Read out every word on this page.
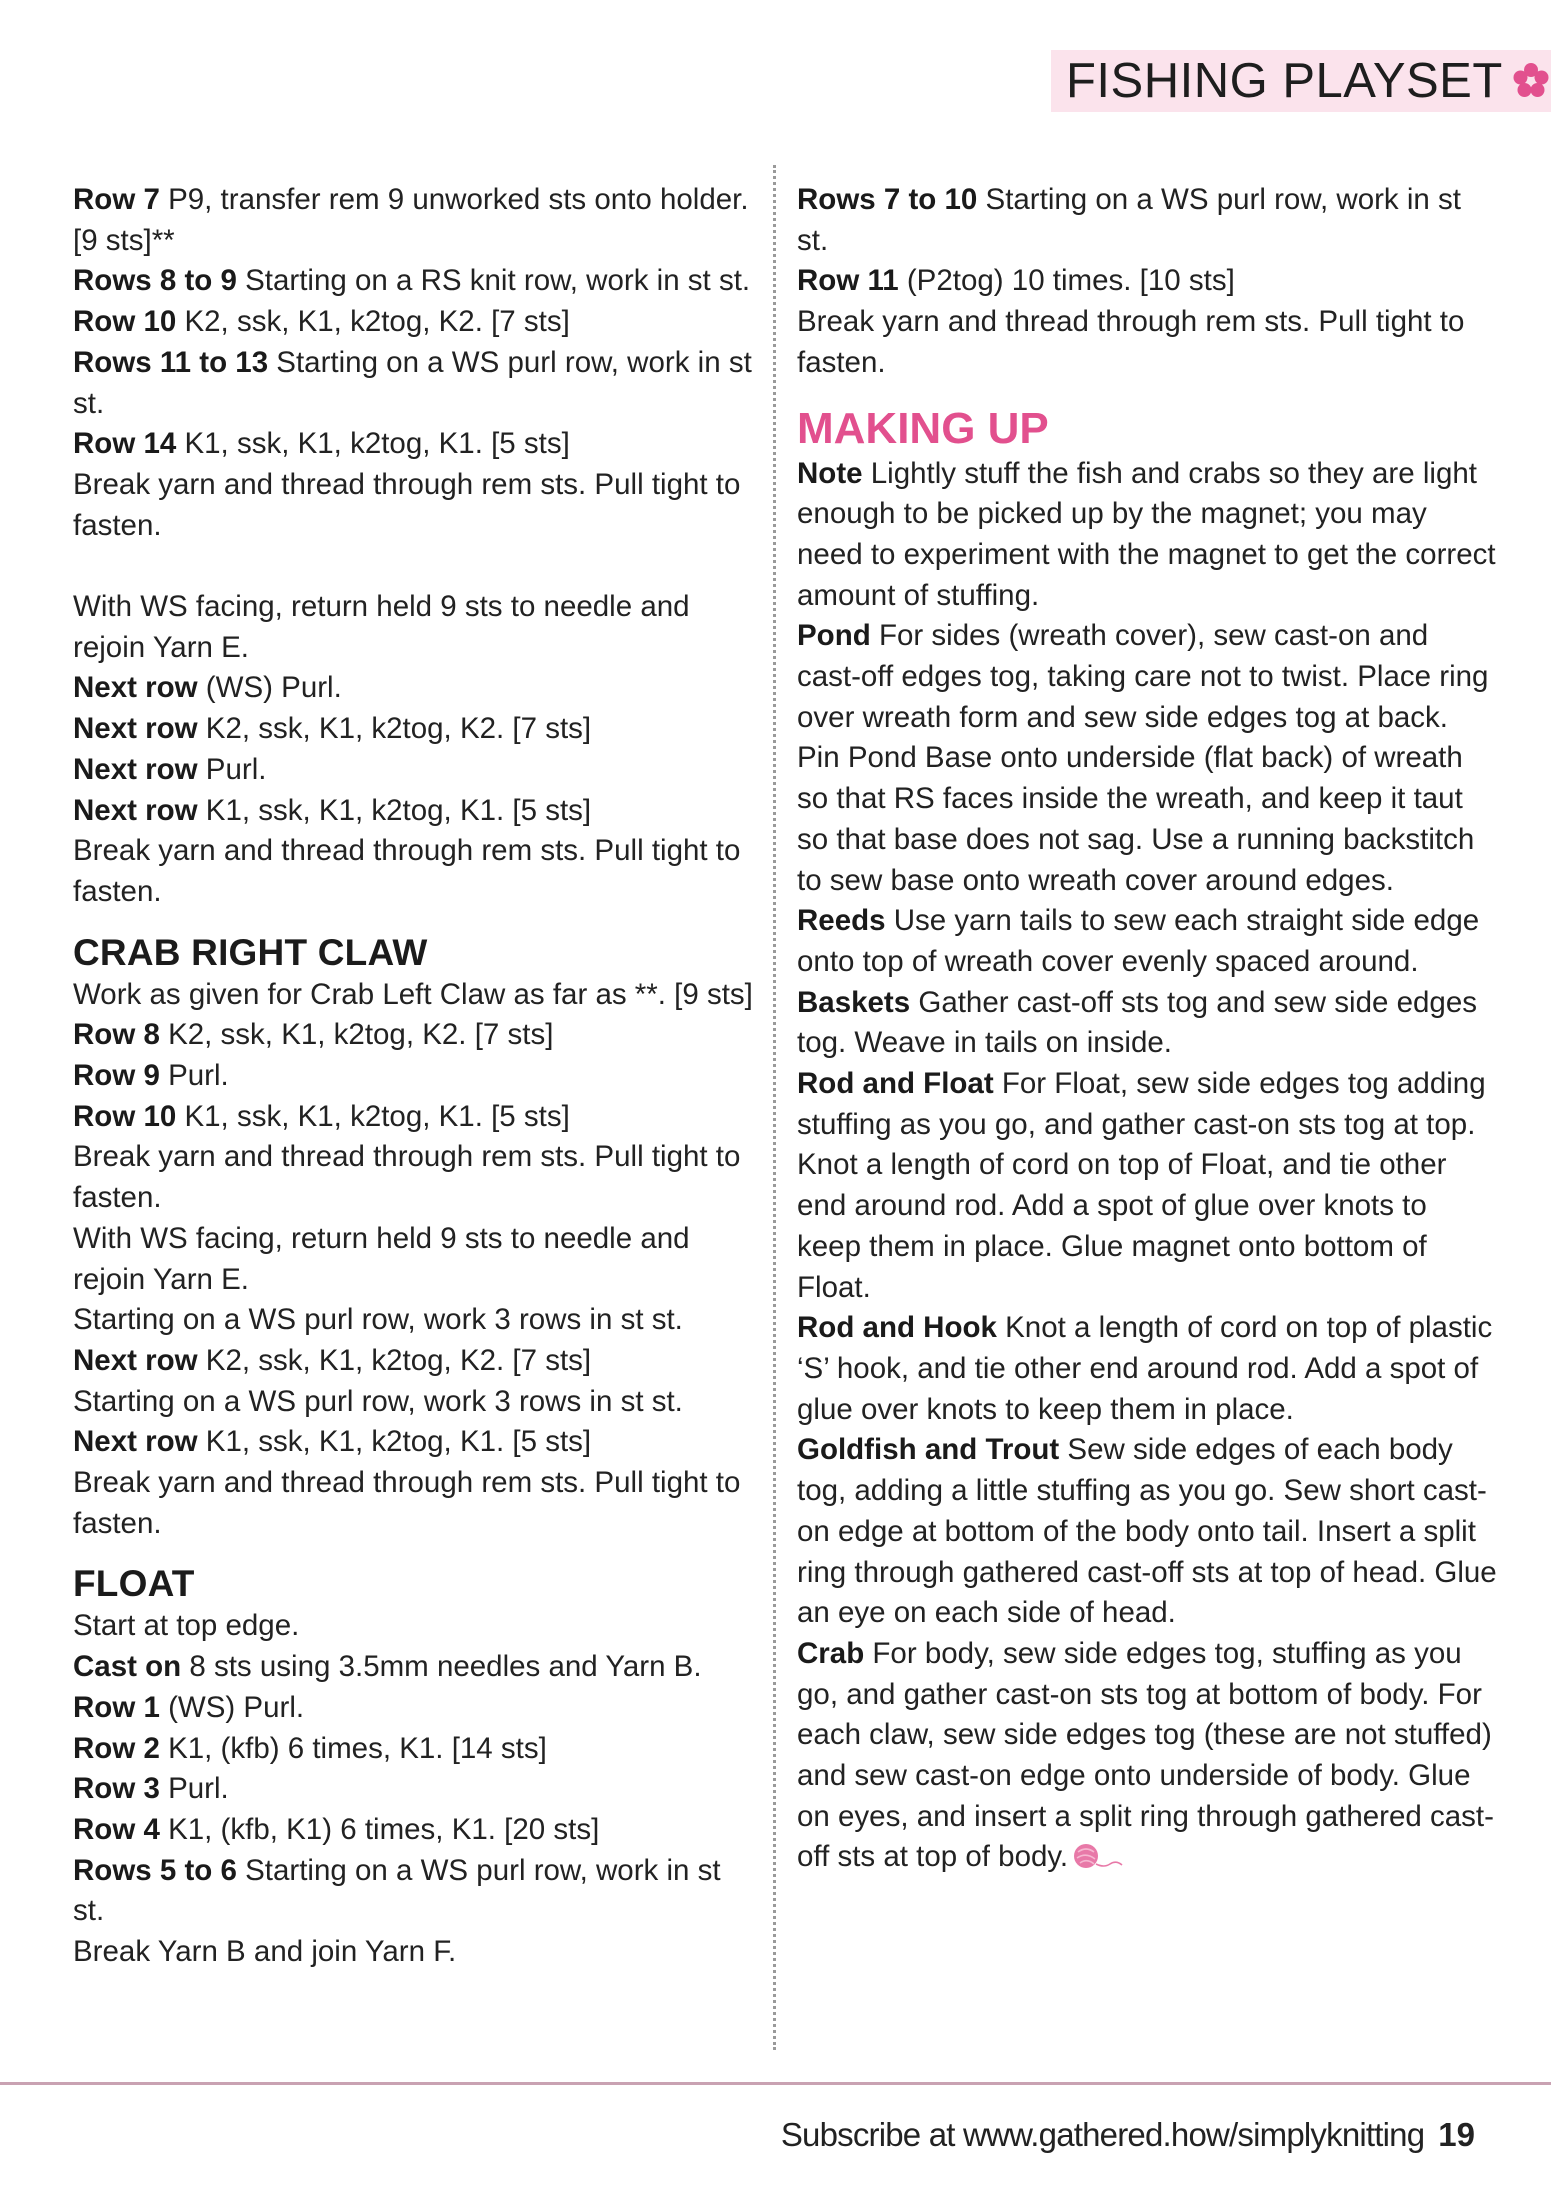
FISHING PLAYSET

Row 7 P9, transfer rem 9 unworked sts onto holder. [9 sts]**

Rows 8 to 9 Starting on a RS knit row, work in st st.

Row 10 K2, ssk, K1, k2tog, K2. [7 sts]

Rows 11 to 13 Starting on a WS purl row, work in st st.

Row 14 K1, ssk, K1, k2tog, K1. [5 sts]

Break yarn and thread through rem sts. Pull tight to fasten.

With WS facing, return held 9 sts to needle and rejoin Yarn E.

Next row (WS) Purl.

Next row K2, ssk, K1, k2tog, K2. [7 sts]

Next row Purl.

Next row K1, ssk, K1, k2tog, K1. [5 sts]

Break yarn and thread through rem sts. Pull tight to fasten.

CRAB RIGHT CLAW

Work as given for Crab Left Claw as far as **. [9 sts]

Row 8 K2, ssk, K1, k2tog, K2. [7 sts]

Row 9 Purl.

Row 10 K1, ssk, K1, k2tog, K1. [5 sts]

Break yarn and thread through rem sts. Pull tight to fasten.

With WS facing, return held 9 sts to needle and rejoin Yarn E.

Starting on a WS purl row, work 3 rows in st st.

Next row K2, ssk, K1, k2tog, K2. [7 sts]

Starting on a WS purl row, work 3 rows in st st.

Next row K1, ssk, K1, k2tog, K1. [5 sts]

Break yarn and thread through rem sts. Pull tight to fasten.

FLOAT

Start at top edge.

Cast on 8 sts using 3.5mm needles and Yarn B.

Row 1 (WS) Purl.

Row 2 K1, (kfb) 6 times, K1. [14 sts]

Row 3 Purl.

Row 4 K1, (kfb, K1) 6 times, K1. [20 sts]

Rows 5 to 6 Starting on a WS purl row, work in st st.

Break Yarn B and join Yarn F.

Rows 7 to 10 Starting on a WS purl row, work in st st.

Row 11 (P2tog) 10 times. [10 sts]

Break yarn and thread through rem sts. Pull tight to fasten.

MAKING UP

Note Lightly stuff the fish and crabs so they are light enough to be picked up by the magnet; you may need to experiment with the magnet to get the correct amount of stuffing.

Pond For sides (wreath cover), sew cast-on and cast-off edges tog, taking care not to twist. Place ring over wreath form and sew side edges tog at back. Pin Pond Base onto underside (flat back) of wreath so that RS faces inside the wreath, and keep it taut so that base does not sag. Use a running backstitch to sew base onto wreath cover around edges.

Reeds Use yarn tails to sew each straight side edge onto top of wreath cover evenly spaced around.

Baskets Gather cast-off sts tog and sew side edges tog. Weave in tails on inside.

Rod and Float For Float, sew side edges tog adding stuffing as you go, and gather cast-on sts tog at top. Knot a length of cord on top of Float, and tie other end around rod. Add a spot of glue over knots to keep them in place. Glue magnet onto bottom of Float.

Rod and Hook Knot a length of cord on top of plastic ‘S’ hook, and tie other end around rod. Add a spot of glue over knots to keep them in place.

Goldfish and Trout Sew side edges of each body tog, adding a little stuffing as you go. Sew short cast-on edge at bottom of the body onto tail. Insert a split ring through gathered cast-off sts at top of head. Glue an eye on each side of head.

Crab For body, sew side edges tog, stuffing as you go, and gather cast-on sts tog at bottom of body. For each claw, sew side edges tog (these are not stuffed) and sew cast-on edge onto underside of body. Glue on eyes, and insert a split ring through gathered cast-off sts at top of body.

Subscribe at www.gathered.how/simplyknitting 19
